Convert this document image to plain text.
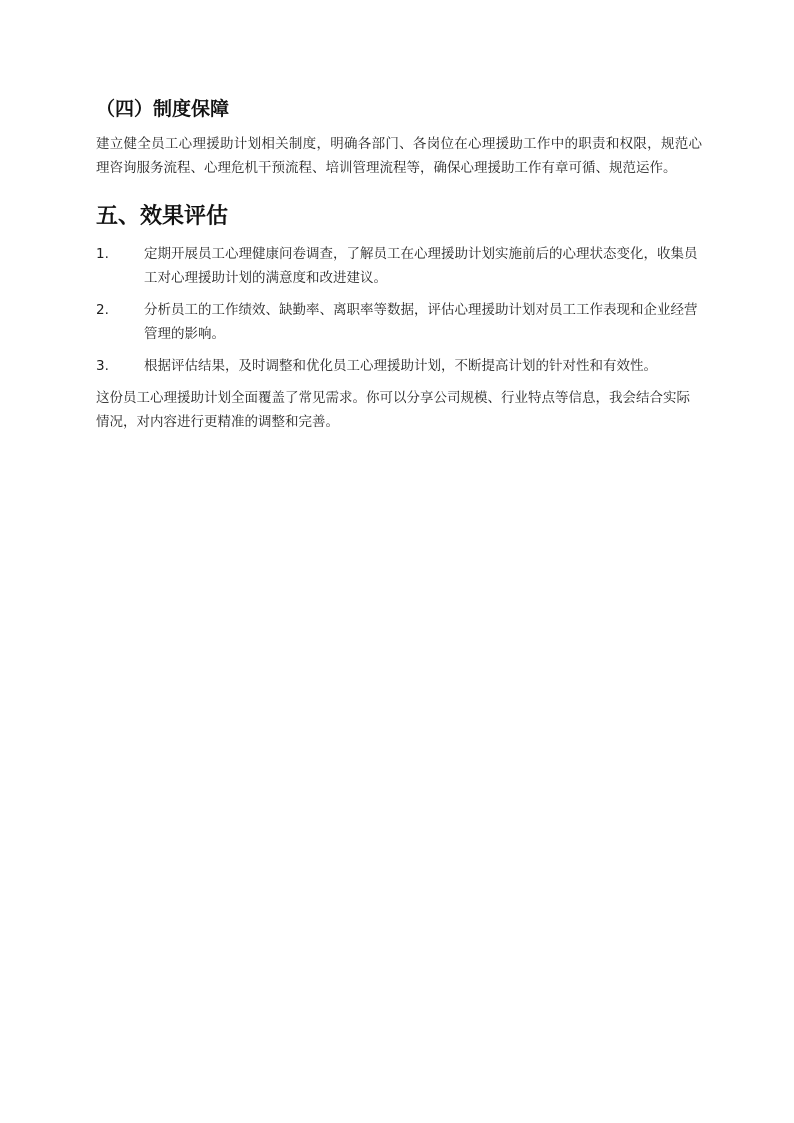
（四）制度保障

建立健全员工心理援助计划相关制度，明确各部门、各岗位在心理援助工作中的职责和权限，规范心理咨询服务流程、心理危机干预流程、培训管理流程等，确保心理援助工作有章可循、规范运作。

五、效果评估
1.	定期开展员工心理健康问卷调查，了解员工在心理援助计划实施前后的心理状态变化，收集员工对心理援助计划的满意度和改进建议。
2.	分析员工的工作绩效、缺勤率、离职率等数据，评估心理援助计划对员工工作表现和企业经营管理的影响。
3.	根据评估结果，及时调整和优化员工心理援助计划，不断提高计划的针对性和有效性。

这份员工心理援助计划全面覆盖了常见需求。你可以分享公司规模、行业特点等信息，我会结合实际情况，对内容进行更精准的调整和完善。
